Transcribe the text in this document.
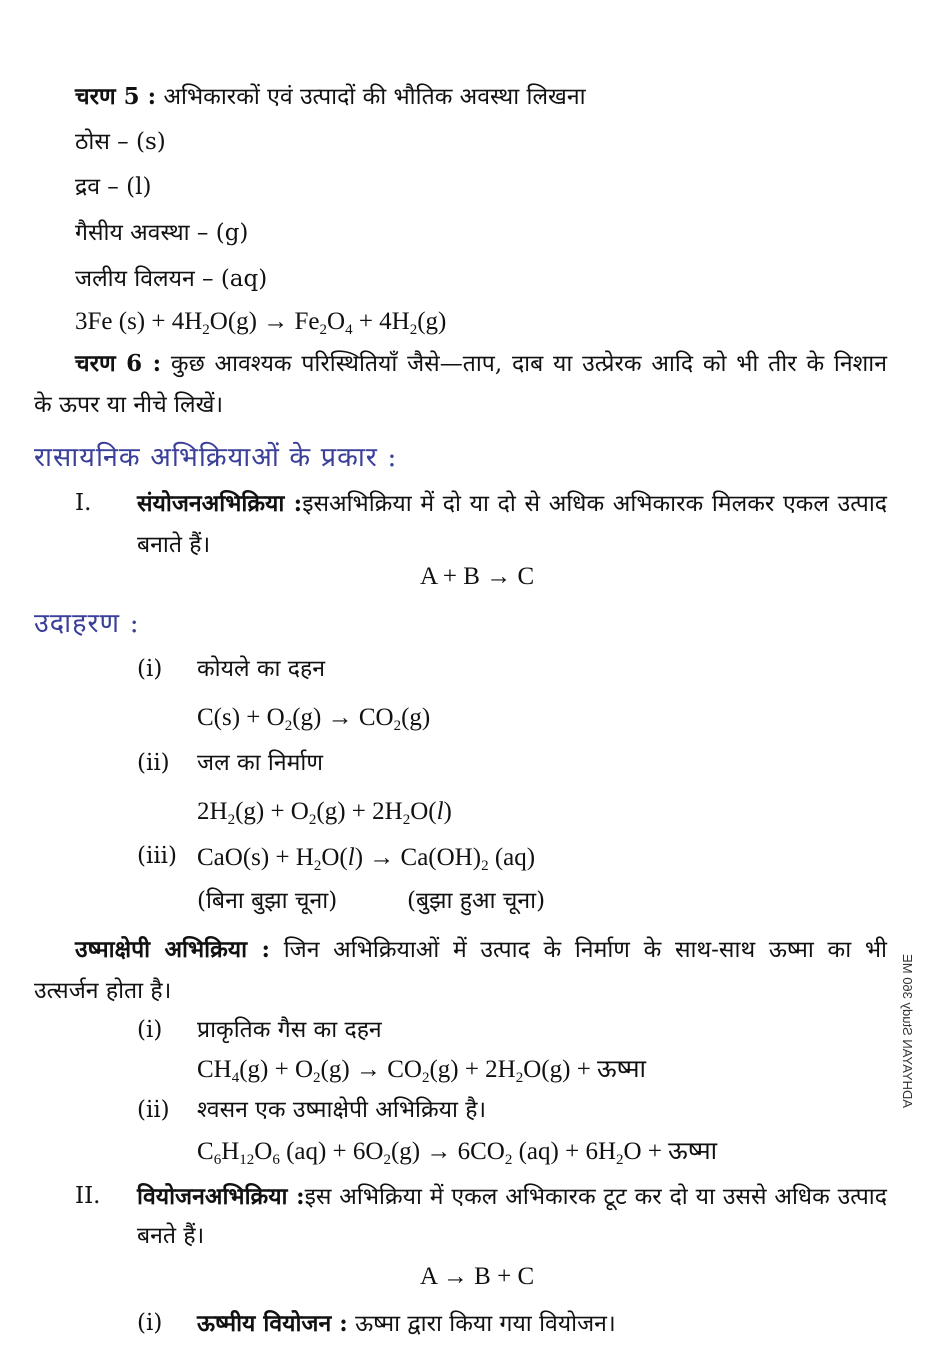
चरण 5 : अभिकारकों एवं उत्पादों की भौतिक अवस्था लिखना
ठोस – (s)
द्रव – (l)
गैसीय अवस्था – (g)
जलीय विलयन – (aq)
3Fe $(s) + 4H_2O(g) \to Fe_2O_4 + 4H_2(g)$
चरण 6 : कुछ आवश्यक परिस्थितियाँ जैसे—ताप, दाब या उत्प्रेरक आदि को भी तीर के निशान
के ऊपर या नीचे लिखें।
रासायनिक अभिक्रियाओं के प्रकार :
I. संयोजनअभिक्रिया :इसअभिक्रिया में दो या दो से अधिक अभिकारक मिलकर एकल उत्पाद
बनाते हैं।
A + B → C
उदाहरण :
(i) कोयले का दहन
$C(s) + O_2(g) \to CO_2(g)$
(ii) जल का निर्माण
$2H_2(g) + O_2(g) + 2H_2O(l)$
(iii) $CaO(s) + H_2O(l) \to Ca(OH)_2$ (aq)
(बिना बुझा चूना)	(बुझा हुआ चूना)
उष्माक्षेपी अभिक्रिया : जिन अभिक्रियाओं में उत्पाद के निर्माण के साथ-साथ ऊष्मा का भी
उत्सर्जन होता है।
(i) प्राकृतिक गैस का दहन
$CH_4(g) + O_2(g) \to CO_2(g) + 2H_2O(g)$ + ऊष्मा
(ii) श्वसन एक उष्माक्षेपी अभिक्रिया है।
$C_6H_{12}O_6$ $(aq) + 6O_2(g) \to 6CO_2$ $(aq) + 6H_2O$ + ऊष्मा
II. वियोजनअभिक्रिया :इस अभिक्रिया में एकल अभिकारक टूट कर दो या उससे अधिक उत्पाद
बनते हैं।
A → B + C
(i) ऊष्मीय वियोजन : ऊष्मा द्वारा किया गया वियोजन।
ADHYAYAN Study 360 ME
